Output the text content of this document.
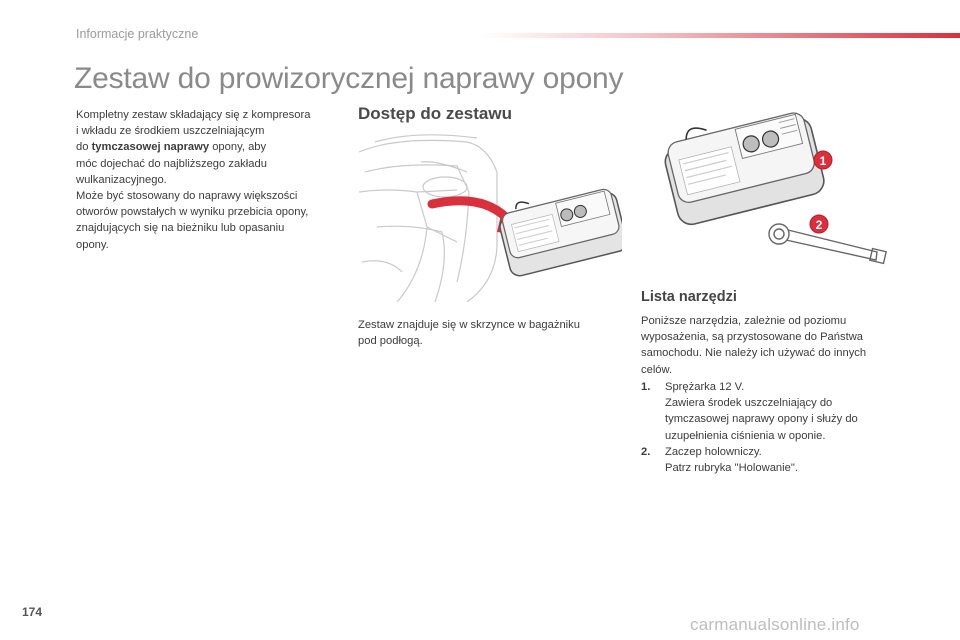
Informacje praktyczne
Zestaw do prowizorycznej naprawy opony
Kompletny zestaw składający się z kompresora
i wkładu ze środkiem uszczelniającym
do tymczasowej naprawy opony, aby
móc dojechać do najbliższego zakładu
wulkanizacyjnego.
Może być stosowany do naprawy większości
otworów powstałych w wyniku przebicia opony,
znajdujących się na bieżniku lub opasaniu
opony.
Dostęp do zestawu
1
2
Zestaw znajduje się w skrzynce w bagażniku
pod podłogą.
Lista narzędzi
Poniższe narzędzia, zależnie od poziomu
wyposażenia, są przystosowane do Państwa
samochodu. Nie należy ich używać do innych
celów.
1.	Sprężarka 12 V.
Zawiera środek uszczelniający do
tymczasowej naprawy opony i służy do
uzupełnienia ciśnienia w oponie.
2.	Zaczep holowniczy.
Patrz rubryka "Holowanie".
174
carmanualsonline.info
